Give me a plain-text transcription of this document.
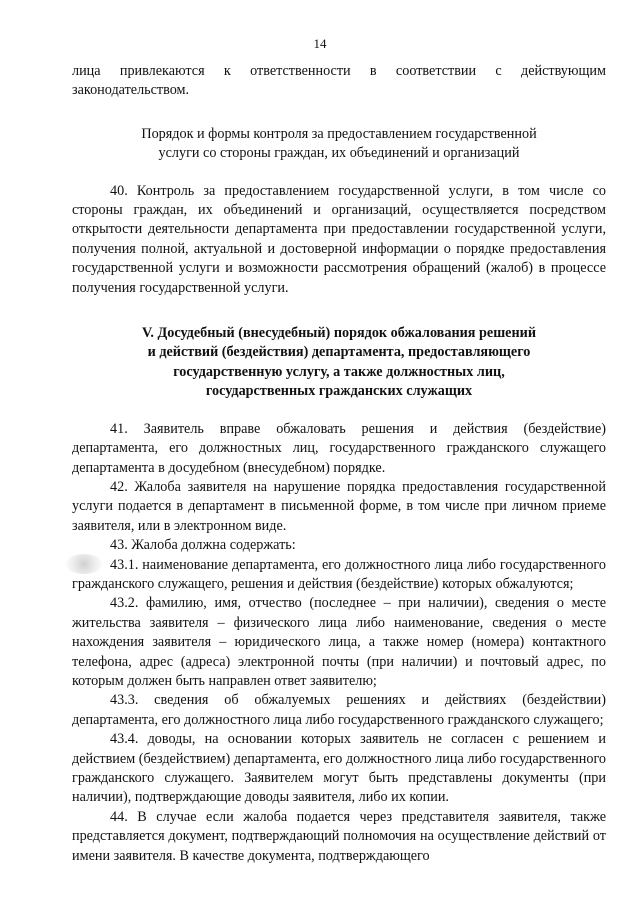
14

лица привлекаются к ответственности в соответствии с действующим законодательством.

Порядок и формы контроля за предоставлением государственной
услуги со стороны граждан, их объединений и организаций

40. Контроль за предоставлением государственной услуги, в том числе со стороны граждан, их объединений и организаций, осуществляется посредством открытости деятельности департамента при предоставлении государственной услуги, получения полной, актуальной и достоверной информации о порядке предоставления государственной услуги и возможности рассмотрения обращений (жалоб) в процессе получения государственной услуги.

V. Досудебный (внесудебный) порядок обжалования решений
и действий (бездействия) департамента, предоставляющего
государственную услугу, а также должностных лиц,
государственных гражданских служащих

41. Заявитель вправе обжаловать решения и действия (бездействие) департамента, его должностных лиц, государственного гражданского служащего департамента в досудебном (внесудебном) порядке.

42. Жалоба заявителя на нарушение порядка предоставления государственной услуги подается в департамент в письменной форме, в том числе при личном приеме заявителя, или в электронном виде.

43. Жалоба должна содержать:

43.1. наименование департамента, его должностного лица либо государственного гражданского служащего, решения и действия (бездействие) которых обжалуются;

43.2. фамилию, имя, отчество (последнее – при наличии), сведения о месте жительства заявителя – физического лица либо наименование, сведения о месте нахождения заявителя – юридического лица, а также номер (номера) контактного телефона, адрес (адреса) электронной почты (при наличии) и почтовый адрес, по которым должен быть направлен ответ заявителю;

43.3. сведения об обжалуемых решениях и действиях (бездействии) департамента, его должностного лица либо государственного гражданского служащего;

43.4. доводы, на основании которых заявитель не согласен с решением и действием (бездействием) департамента, его должностного лица либо государственного гражданского служащего. Заявителем могут быть представлены документы (при наличии), подтверждающие доводы заявителя, либо их копии.

44. В случае если жалоба подается через представителя заявителя, также представляется документ, подтверждающий полномочия на осуществление действий от имени заявителя. В качестве документа, подтверждающего
